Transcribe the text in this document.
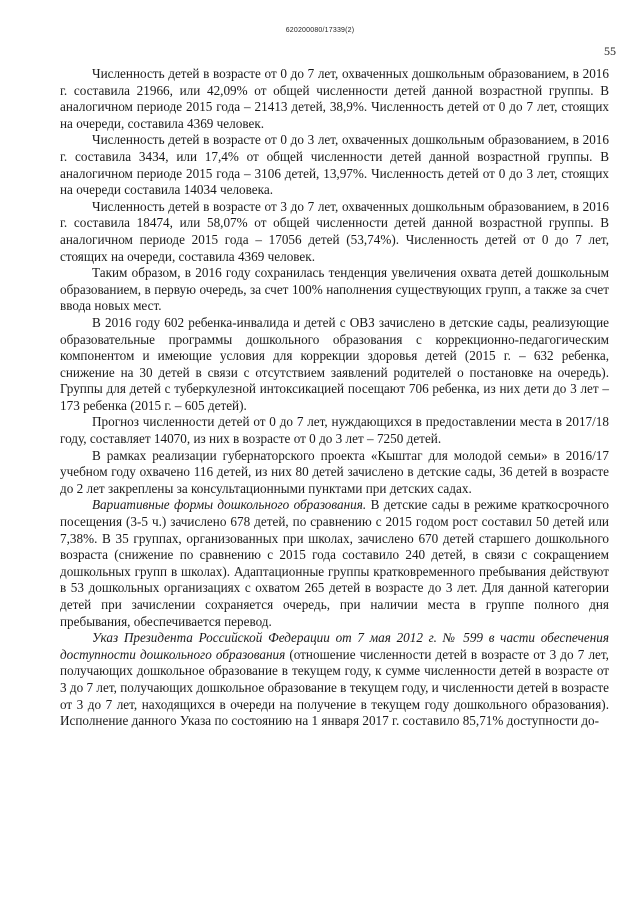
620200080/17339(2)
55

Численность детей в возрасте от 0 до 7 лет, охваченных дошкольным образованием, в 2016 г. составила 21966, или 42,09% от общей численности детей данной возрастной группы. В аналогичном периоде 2015 года – 21413 детей, 38,9%. Численность детей от 0 до 7 лет, стоящих на очереди, составила 4369 человек.

Численность детей в возрасте от 0 до 3 лет, охваченных дошкольным образованием, в 2016 г. составила 3434, или 17,4% от общей численности детей данной возрастной группы. В аналогичном периоде 2015 года – 3106 детей, 13,97%. Численность детей от 0 до 3 лет, стоящих на очереди составила 14034 человека.

Численность детей в возрасте от 3 до 7 лет, охваченных дошкольным образованием, в 2016 г. составила 18474, или 58,07% от общей численности детей данной возрастной группы. В аналогичном периоде 2015 года – 17056 детей (53,74%). Численность детей от 0 до 7 лет, стоящих на очереди, составила 4369 человек.

Таким образом, в 2016 году сохранилась тенденция увеличения охвата детей дошкольным образованием, в первую очередь, за счет 100% наполнения существующих групп, а также за счет ввода новых мест.

В 2016 году 602 ребенка-инвалида и детей с ОВЗ зачислено в детские сады, реализующие образовательные программы дошкольного образования с коррекционно-педагогическим компонентом и имеющие условия для коррекции здоровья детей (2015 г. – 632 ребенка, снижение на 30 детей в связи с отсутствием заявлений родителей о постановке на очередь). Группы для детей с туберкулезной интоксикацией посещают 706 ребенка, из них дети до 3 лет – 173 ребенка (2015 г. – 605 детей).

Прогноз численности детей от 0 до 7 лет, нуждающихся в предоставлении места в 2017/18 году, составляет 14070, из них в возрасте от 0 до 3 лет – 7250 детей.

В рамках реализации губернаторского проекта «Кыштаг для молодой семьи» в 2016/17 учебном году охвачено 116 детей, из них 80 детей зачислено в детские сады, 36 детей в возрасте до 2 лет закреплены за консультационными пунктами при детских садах.

Вариативные формы дошкольного образования. В детские сады в режиме краткосрочного посещения (3-5 ч.) зачислено 678 детей, по сравнению с 2015 годом рост составил 50 детей или 7,38%. В 35 группах, организованных при школах, зачислено 670 детей старшего дошкольного возраста (снижение по сравнению с 2015 года составило 240 детей, в связи с сокращением дошкольных групп в школах). Адаптационные группы кратковременного пребывания действуют в 53 дошкольных организациях с охватом 265 детей в возрасте до 3 лет. Для данной категории детей при зачислении сохраняется очередь, при наличии места в группе полного дня пребывания, обеспечивается перевод.

Указ Президента Российской Федерации от 7 мая 2012 г. № 599 в части обеспечения доступности дошкольного образования (отношение численности детей в возрасте от 3 до 7 лет, получающих дошкольное образование в текущем году, к сумме численности детей в возрасте от 3 до 7 лет, получающих дошкольное образование в текущем году, и численности детей в возрасте от 3 до 7 лет, находящихся в очереди на получение в текущем году дошкольного образования). Исполнение данного Указа по состоянию на 1 января 2017 г. составило 85,71% доступности до-
